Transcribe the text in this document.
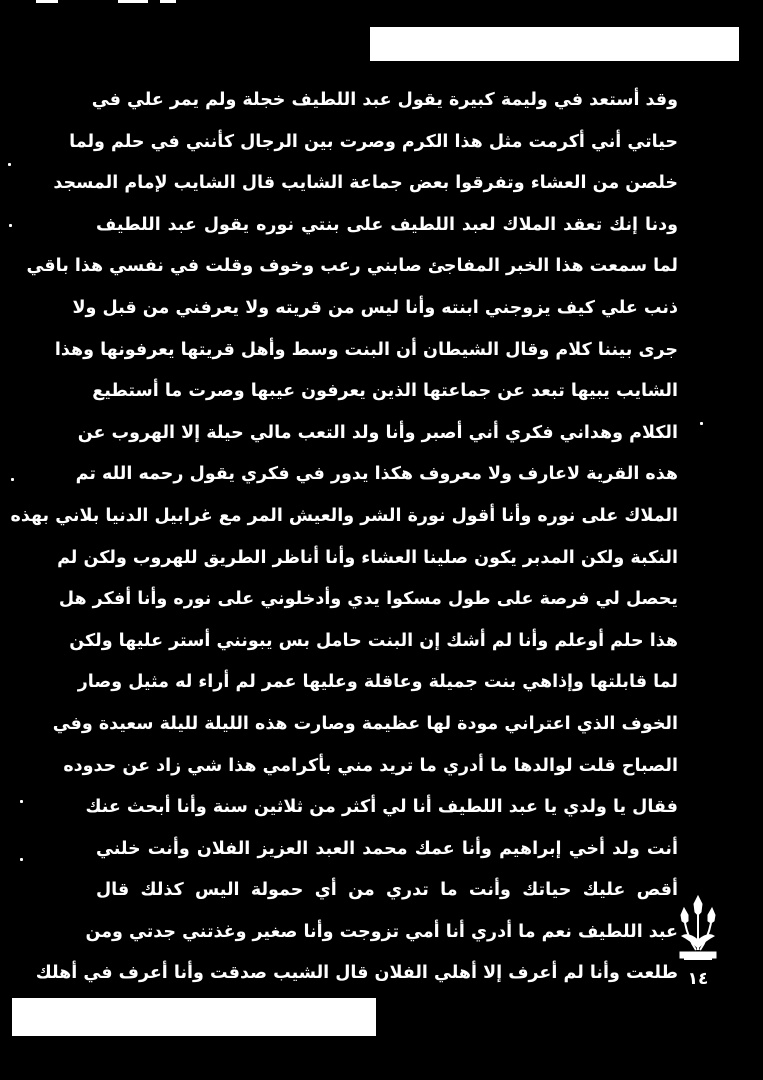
وقد أستعد في وليمة كبيرة يقول عبد اللطيف خجلة ولم يمر علي في
حياتي أني أكرمت مثل هذا الكرم وصرت بين الرجال كأنني في حلم ولما
خلصن من العشاء وتفرقوا بعض جماعة الشايب قال الشايب لإمام المسجد
ودنا إنك تعقد الملاك لعبد اللطيف على بنتي نوره يقول عبد اللطيف
لما سمعت هذا الخبر المفاجئ صابني رعب وخوف وقلت في نفسي هذا باقي
ذنب علي كيف يزوجني ابنته وأنا ليس من قريته ولا يعرفني من قبل ولا
جرى بيننا كلام وقال الشيطان أن البنت وسط وأهل قريتها يعرفونها وهذا
الشايب يبيها تبعد عن جماعتها الذين يعرفون عيبها وصرت ما أستطيع
الكلام وهداني فكري أني أصبر وأنا ولد التعب مالي حيلة إلا الهروب عن
هذه القرية لاعارف ولا معروف هكذا يدور في فكري يقول رحمه الله تم
الملاك على نوره وأنا أقول نورة الشر والعيش المر مع غرابيل الدنيا بلاني بهذه
النكبة ولكن المدبر يكون صلينا العشاء وأنا أناظر الطريق للهروب ولكن لم
يحصل لي فرصة على طول مسكوا يدي وأدخلوني على نوره وأنا أفكر هل
هذا حلم أوعلم وأنا لم أشك إن البنت حامل بس يبونني أستر عليها ولكن
لما قابلتها وإذاهي بنت جميلة وعاقلة وعليها عمر لم أراء له مثيل وصار
الخوف الذي اعتراني مودة لها عظيمة وصارت هذه الليلة لليلة سعيدة وفي
الصباح قلت لوالدها ما أدري ما تريد مني بأكرامي هذا شي زاد عن حدوده
فقال يا ولدي يا عبد اللطيف أنا لي أكثر من ثلاثين سنة وأنا أبحث عنك
أنت ولد أخي إبراهيم وأنا عمك محمد العبد العزيز الفلان وأنت خلني
أقص عليك حياتك وأنت ما تدري من أي حمولة اليس كذلك قال
عبد اللطيف نعم ما أدري أنا أمي تزوجت وأنا صغير وغذتني جدتي ومن
طلعت وأنا لم أعرف إلا أهلي الفلان قال الشيب صدقت وأنا أعرف في أهلك ١٤
